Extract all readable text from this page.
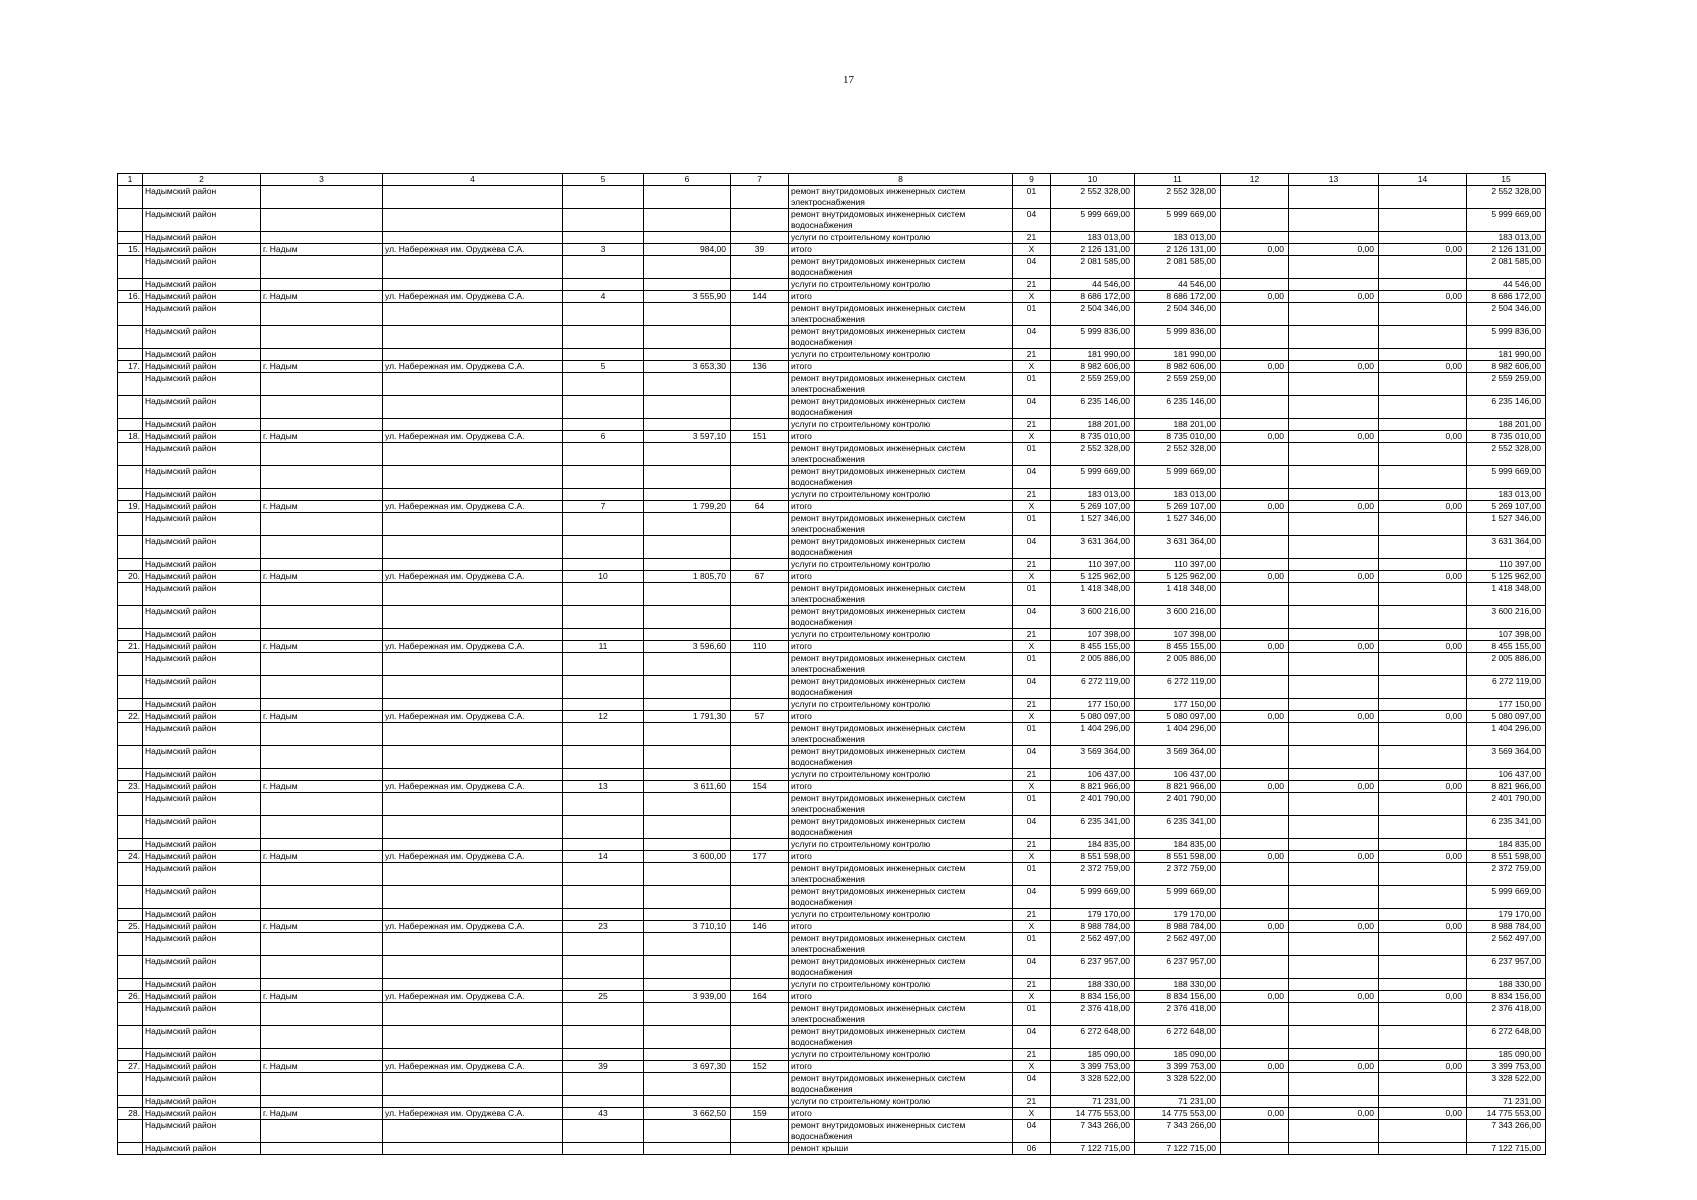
17
1	2	3	4	5	6	7	8	9	10	11	12	13	14	15
	Надымский район						ремонт внутридомовых инженерных систем электроснабжения	01	2 552 328,00	2 552 328,00				2 552 328,00
	Надымский район						ремонт внутридомовых инженерных систем водоснабжения	04	5 999 669,00	5 999 669,00				5 999 669,00
	Надымский район						услуги по строительному контролю	21	183 013,00	183 013,00				183 013,00
15.	Надымский район	г. Надым	ул. Набережная им. Оруджева С.А.	3	984,00	39	итого	Х	2 126 131,00	2 126 131,00	0,00	0,00	0,00	2 126 131,00
	Надымский район						ремонт внутридомовых инженерных систем водоснабжения	04	2 081 585,00	2 081 585,00				2 081 585,00
	Надымский район						услуги по строительному контролю	21	44 546,00	44 546,00				44 546,00
16.	Надымский район	г. Надым	ул. Набережная им. Оруджева С.А.	4	3 555,90	144	итого	Х	8 686 172,00	8 686 172,00	0,00	0,00	0,00	8 686 172,00
	Надымский район						ремонт внутридомовых инженерных систем электроснабжения	01	2 504 346,00	2 504 346,00				2 504 346,00
	Надымский район						ремонт внутридомовых инженерных систем водоснабжения	04	5 999 836,00	5 999 836,00				5 999 836,00
	Надымский район						услуги по строительному контролю	21	181 990,00	181 990,00				181 990,00
17.	Надымский район	г. Надым	ул. Набережная им. Оруджева С.А.	5	3 653,30	136	итого	Х	8 982 606,00	8 982 606,00	0,00	0,00	0,00	8 982 606,00
	Надымский район						ремонт внутридомовых инженерных систем электроснабжения	01	2 559 259,00	2 559 259,00				2 559 259,00
	Надымский район						ремонт внутридомовых инженерных систем водоснабжения	04	6 235 146,00	6 235 146,00				6 235 146,00
	Надымский район						услуги по строительному контролю	21	188 201,00	188 201,00				188 201,00
18.	Надымский район	г. Надым	ул. Набережная им. Оруджева С.А.	6	3 597,10	151	итого	Х	8 735 010,00	8 735 010,00	0,00	0,00	0,00	8 735 010,00
	Надымский район						ремонт внутридомовых инженерных систем электроснабжения	01	2 552 328,00	2 552 328,00				2 552 328,00
	Надымский район						ремонт внутридомовых инженерных систем водоснабжения	04	5 999 669,00	5 999 669,00				5 999 669,00
	Надымский район						услуги по строительному контролю	21	183 013,00	183 013,00				183 013,00
19.	Надымский район	г. Надым	ул. Набережная им. Оруджева С.А.	7	1 799,20	64	итого	Х	5 269 107,00	5 269 107,00	0,00	0,00	0,00	5 269 107,00
	Надымский район						ремонт внутридомовых инженерных систем электроснабжения	01	1 527 346,00	1 527 346,00				1 527 346,00
	Надымский район						ремонт внутридомовых инженерных систем водоснабжения	04	3 631 364,00	3 631 364,00				3 631 364,00
	Надымский район						услуги по строительному контролю	21	110 397,00	110 397,00				110 397,00
20.	Надымский район	г. Надым	ул. Набережная им. Оруджева С.А.	10	1 805,70	67	итого	Х	5 125 962,00	5 125 962,00	0,00	0,00	0,00	5 125 962,00
	Надымский район						ремонт внутридомовых инженерных систем электроснабжения	01	1 418 348,00	1 418 348,00				1 418 348,00
	Надымский район						ремонт внутридомовых инженерных систем водоснабжения	04	3 600 216,00	3 600 216,00				3 600 216,00
	Надымский район						услуги по строительному контролю	21	107 398,00	107 398,00				107 398,00
21.	Надымский район	г. Надым	ул. Набережная им. Оруджева С.А.	11	3 596,60	110	итого	Х	8 455 155,00	8 455 155,00	0,00	0,00	0,00	8 455 155,00
	Надымский район						ремонт внутридомовых инженерных систем электроснабжения	01	2 005 886,00	2 005 886,00				2 005 886,00
	Надымский район						ремонт внутридомовых инженерных систем водоснабжения	04	6 272 119,00	6 272 119,00				6 272 119,00
	Надымский район						услуги по строительному контролю	21	177 150,00	177 150,00				177 150,00
22.	Надымский район	г. Надым	ул. Набережная им. Оруджева С.А.	12	1 791,30	57	итого	Х	5 080 097,00	5 080 097,00	0,00	0,00	0,00	5 080 097,00
	Надымский район						ремонт внутридомовых инженерных систем электроснабжения	01	1 404 296,00	1 404 296,00				1 404 296,00
	Надымский район						ремонт внутридомовых инженерных систем водоснабжения	04	3 569 364,00	3 569 364,00				3 569 364,00
	Надымский район						услуги по строительному контролю	21	106 437,00	106 437,00				106 437,00
23.	Надымский район	г. Надым	ул. Набережная им. Оруджева С.А.	13	3 611,60	154	итого	Х	8 821 966,00	8 821 966,00	0,00	0,00	0,00	8 821 966,00
	Надымский район						ремонт внутридомовых инженерных систем электроснабжения	01	2 401 790,00	2 401 790,00				2 401 790,00
	Надымский район						ремонт внутридомовых инженерных систем водоснабжения	04	6 235 341,00	6 235 341,00				6 235 341,00
	Надымский район						услуги по строительному контролю	21	184 835,00	184 835,00				184 835,00
24.	Надымский район	г. Надым	ул. Набережная им. Оруджева С.А.	14	3 600,00	177	итого	Х	8 551 598,00	8 551 598,00	0,00	0,00	0,00	8 551 598,00
	Надымский район						ремонт внутридомовых инженерных систем электроснабжения	01	2 372 759,00	2 372 759,00				2 372 759,00
	Надымский район						ремонт внутридомовых инженерных систем водоснабжения	04	5 999 669,00	5 999 669,00				5 999 669,00
	Надымский район						услуги по строительному контролю	21	179 170,00	179 170,00				179 170,00
25.	Надымский район	г. Надым	ул. Набережная им. Оруджева С.А.	23	3 710,10	146	итого	Х	8 988 784,00	8 988 784,00	0,00	0,00	0,00	8 988 784,00
	Надымский район						ремонт внутридомовых инженерных систем электроснабжения	01	2 562 497,00	2 562 497,00				2 562 497,00
	Надымский район						ремонт внутридомовых инженерных систем водоснабжения	04	6 237 957,00	6 237 957,00				6 237 957,00
	Надымский район						услуги по строительному контролю	21	188 330,00	188 330,00				188 330,00
26.	Надымский район	г. Надым	ул. Набережная им. Оруджева С.А.	25	3 939,00	164	итого	Х	8 834 156,00	8 834 156,00	0,00	0,00	0,00	8 834 156,00
	Надымский район						ремонт внутридомовых инженерных систем электроснабжения	01	2 376 418,00	2 376 418,00				2 376 418,00
	Надымский район						ремонт внутридомовых инженерных систем водоснабжения	04	6 272 648,00	6 272 648,00				6 272 648,00
	Надымский район						услуги по строительному контролю	21	185 090,00	185 090,00				185 090,00
27.	Надымский район	г. Надым	ул. Набережная им. Оруджева С.А.	39	3 697,30	152	итого	Х	3 399 753,00	3 399 753,00	0,00	0,00	0,00	3 399 753,00
	Надымский район						ремонт внутридомовых инженерных систем водоснабжения	04	3 328 522,00	3 328 522,00				3 328 522,00
	Надымский район						услуги по строительному контролю	21	71 231,00	71 231,00				71 231,00
28.	Надымский район	г. Надым	ул. Набережная им. Оруджева С.А.	43	3 662,50	159	итого	Х	14 775 553,00	14 775 553,00	0,00	0,00	0,00	14 775 553,00
	Надымский район						ремонт внутридомовых инженерных систем водоснабжения	04	7 343 266,00	7 343 266,00				7 343 266,00
	Надымский район						ремонт крыши	06	7 122 715,00	7 122 715,00				7 122 715,00
